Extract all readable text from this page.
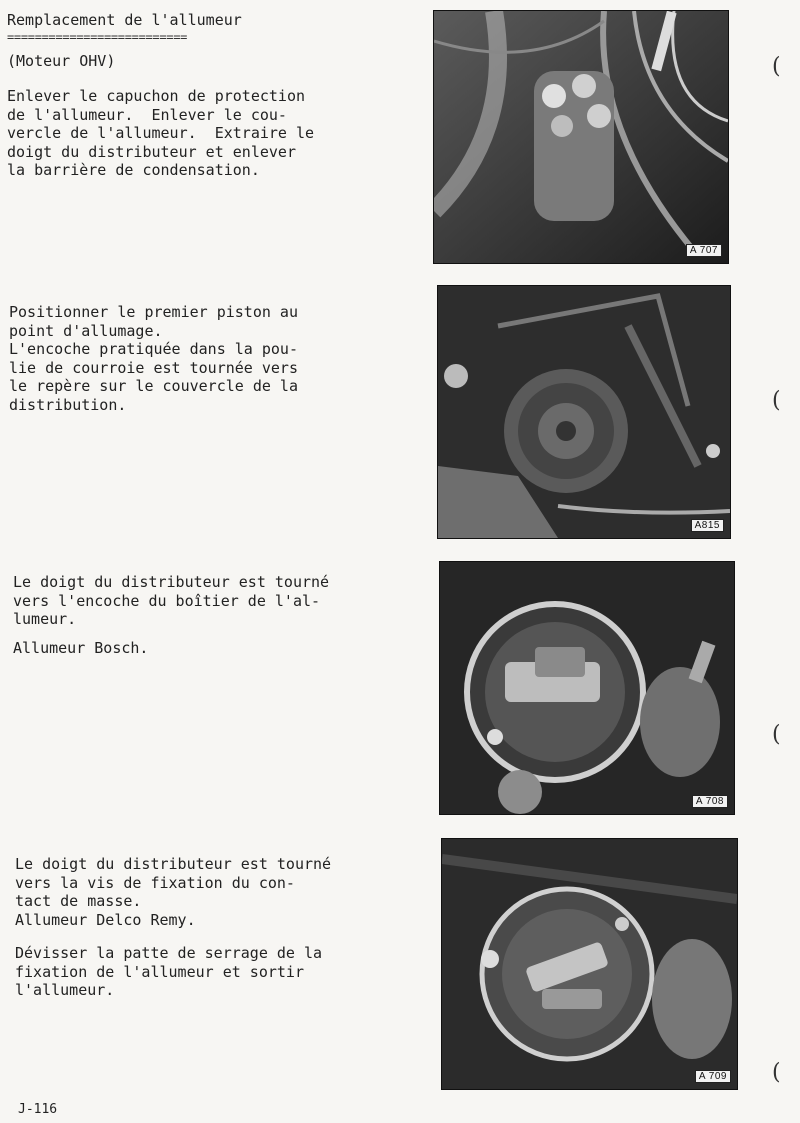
Remplacement de l'allumeur
==========================
(Moteur OHV)
Enlever le capuchon de protection
de l'allumeur.  Enlever le cou-
vercle de l'allumeur.  Extraire le
doigt du distributeur et enlever
la barrière de condensation.
A 707
(
Positionner le premier piston au
point d'allumage.
L'encoche pratiquée dans la pou-
lie de courroie est tournée vers
le repère sur le couvercle de la
distribution.
A815
(
Le doigt du distributeur est tourné
vers l'encoche du boîtier de l'al-
lumeur.
Allumeur Bosch.
A 708
(
Le doigt du distributeur est tourné
vers la vis de fixation du con-
tact de masse.
Allumeur Delco Remy.
Dévisser la patte de serrage de la
fixation de l'allumeur et sortir
l'allumeur.
A 709 (
J-116
